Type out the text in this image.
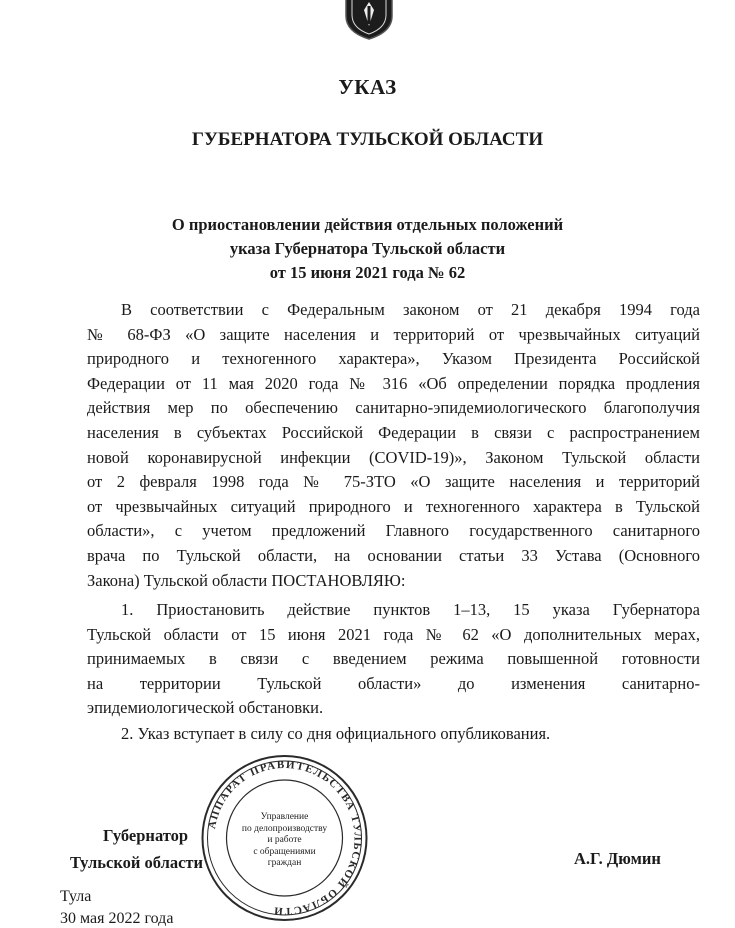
УКАЗ
ГУБЕРНАТОРА ТУЛЬСКОЙ ОБЛАСТИ
О приостановлении действия отдельных положений
указа Губернатора Тульской области
от 15 июня 2021 года № 62
В соответствии с Федеральным законом от 21 декабря 1994 года
№ 68-ФЗ «О защите населения и территорий от чрезвычайных ситуаций
природного и техногенного характера», Указом Президента Российской
Федерации от 11 мая 2020 года № 316 «Об определении порядка продления
действия мер по обеспечению санитарно-эпидемиологического благополучия
населения в субъектах Российской Федерации в связи с распространением
новой коронавирусной инфекции (COVID-19)», Законом Тульской области
от 2 февраля 1998 года № 75-ЗТО «О защите населения и территорий
от чрезвычайных ситуаций природного и техногенного характера в Тульской
области», с учетом предложений Главного государственного санитарного
врача по Тульской области, на основании статьи 33 Устава (Основного
Закона) Тульской области ПОСТАНОВЛЯЮ:
1. Приостановить действие пунктов 1–13, 15 указа Губернатора
Тульской области от 15 июня 2021 года № 62 «О дополнительных мерах,
принимаемых в связи с введением режима повышенной готовности
на территории Тульской области» до изменения санитарно-
эпидемиологической обстановки.
2. Указ вступает в силу со дня официального опубликования.
АППАРАТ ПРАВИТЕЛЬСТВА ТУЛЬСКОЙ ОБЛАСТИ
Управление
по делопроизводству
и работе
с обращениями
граждан
Губернатор
Тульской области	А.Г. Дюмин
Тула
30 мая 2022 года
